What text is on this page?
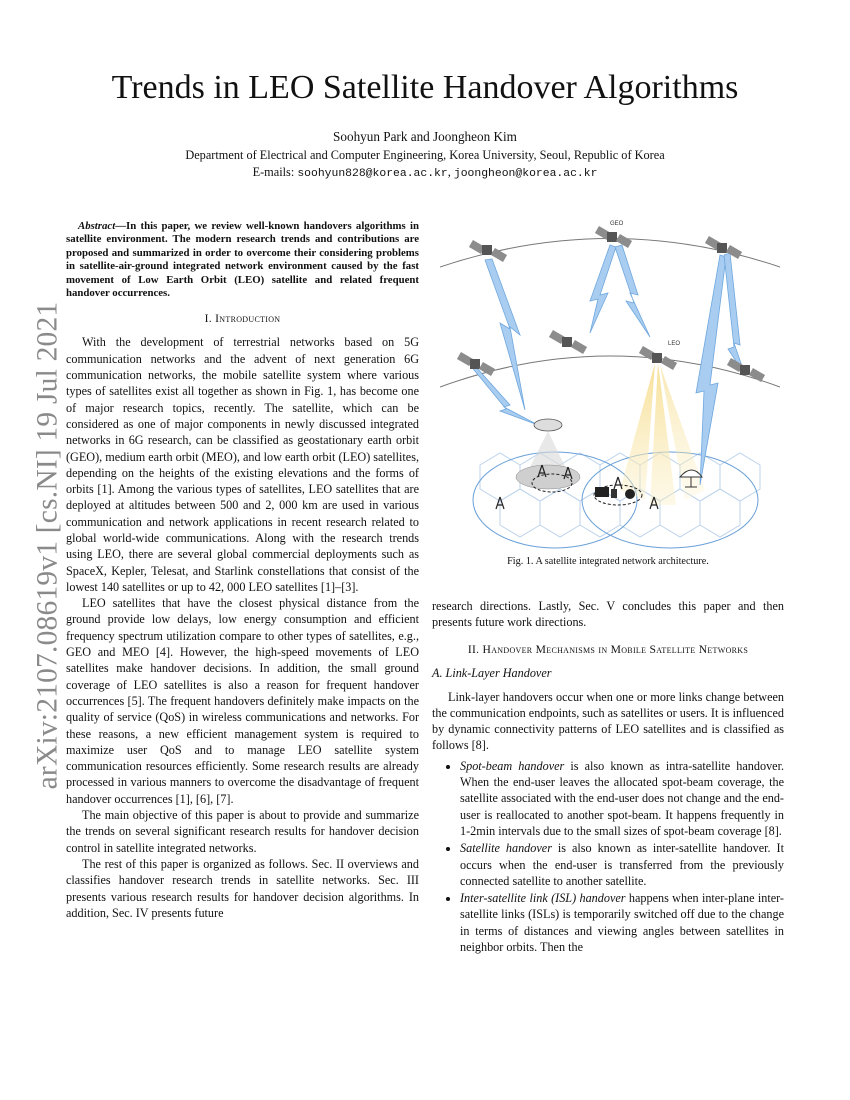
arXiv:2107.08619v1 [cs.NI] 19 Jul 2021
Trends in LEO Satellite Handover Algorithms
Soohyun Park and Joongheon Kim
Department of Electrical and Computer Engineering, Korea University, Seoul, Republic of Korea
E-mails: soohyun828@korea.ac.kr, joongheon@korea.ac.kr

Abstract—In this paper, we review well-known handovers algorithms in satellite environment. The modern research trends and contributions are proposed and summarized in order to overcome their considering problems in satellite-air-ground integrated network environment caused by the fast movement of Low Earth Orbit (LEO) satellite and related frequent handover occurrences.

I. Introduction

With the development of terrestrial networks based on 5G communication networks and the advent of next generation 6G communication networks, the mobile satellite system where various types of satellites exist all together as shown in Fig. 1, has become one of major research topics, recently. The satellite, which can be considered as one of major components in newly discussed integrated networks in 6G research, can be classified as geostationary earth orbit (GEO), medium earth orbit (MEO), and low earth orbit (LEO) satellites, depending on the heights of the existing elevations and the forms of orbits [1]. Among the various types of satellites, LEO satellites that are deployed at altitudes between 500 and 2, 000 km are used in various communication and network applications in recent research related to global world-wide communications. Along with the research trends using LEO, there are several global commercial deployments such as SpaceX, Kepler, Telesat, and Starlink constellations that consist of the lowest 140 satellites or up to 42, 000 LEO satellites [1]–[3].

LEO satellites that have the closest physical distance from the ground provide low delays, low energy consumption and efficient frequency spectrum utilization compare to other types of satellites, e.g., GEO and MEO [4]. However, the high-speed movements of LEO satellites make handover decisions. In addition, the small ground coverage of LEO satellites is also a reason for frequent handover occurrences [5]. The frequent handovers definitely make impacts on the quality of service (QoS) in wireless communications and networks. For these reasons, a new efficient management system is required to maximize user QoS and to manage LEO satellite system communication resources efficiently. Some research results are already processed in various manners to overcome the disadvantage of frequent handover occurrences [1], [6], [7].

The main objective of this paper is about to provide and summarize the trends on several significant research results for handover decision control in satellite integrated networks.

The rest of this paper is organized as follows. Sec. II overviews and classifies handover research trends in satellite networks. Sec. III presents various research results for handover decision algorithms. In addition, Sec. IV presents future

GEO
LEO
Fig. 1. A satellite integrated network architecture.

research directions. Lastly, Sec. V concludes this paper and then presents future work directions.

II. Handover Mechanisms in Mobile Satellite Networks
A. Link-Layer Handover

Link-layer handovers occur when one or more links change between the communication endpoints, such as satellites or users. It is influenced by dynamic connectivity patterns of LEO satellites and is classified as follows [8].

• Spot-beam handover is also known as intra-satellite handover. When the end-user leaves the allocated spot-beam coverage, the satellite associated with the end-user does not change and the end-user is reallocated to another spot-beam. It happens frequently in 1-2min intervals due to the small sizes of spot-beam coverage [8].
• Satellite handover is also known as inter-satellite handover. It occurs when the end-user is transferred from the previously connected satellite to another satellite.
• Inter-satellite link (ISL) handover happens when inter-plane inter-satellite links (ISLs) is temporarily switched off due to the change in terms of distances and viewing angles between satellites in neighbor orbits. Then the
